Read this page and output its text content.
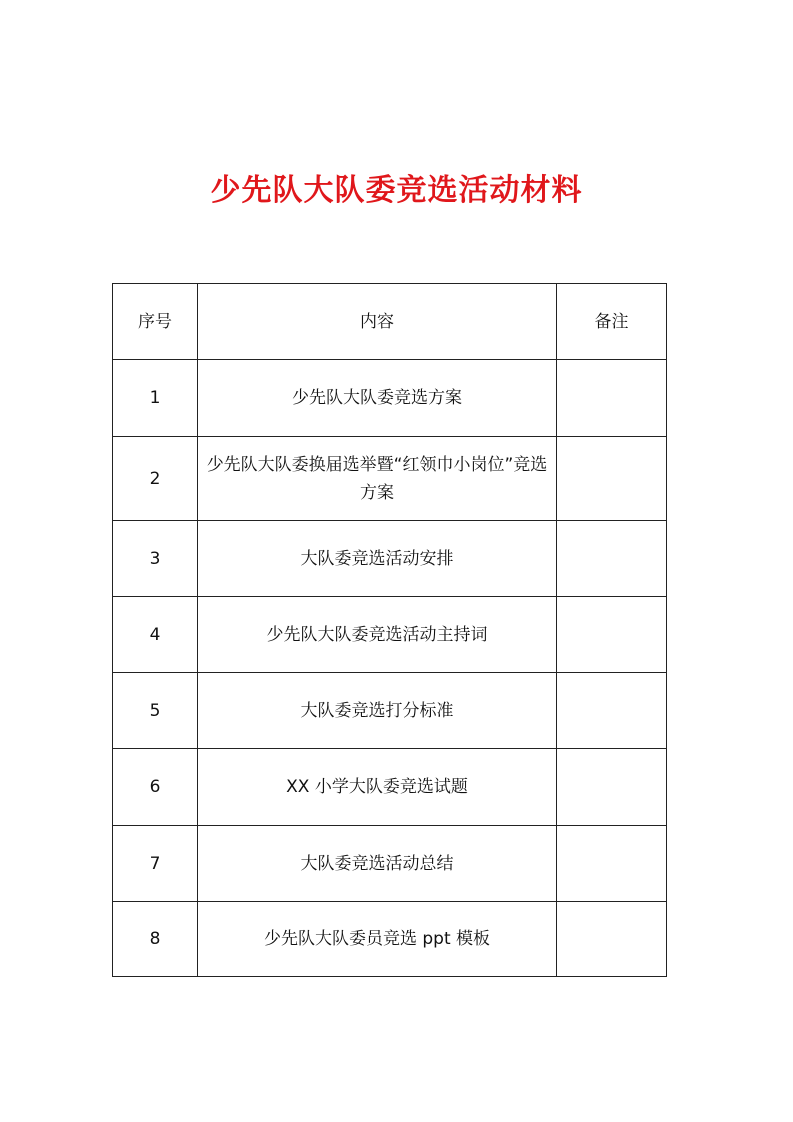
少先队大队委竞选活动材料
序号	内容	备注
1	少先队大队委竞选方案	
2	少先队大队委换届选举暨“红领巾小岗位”竞选方案	
3	大队委竞选活动安排	
4	少先队大队委竞选活动主持词	
5	大队委竞选打分标准	
6	XX 小学大队委竞选试题	
7	大队委竞选活动总结	
8	少先队大队委员竞选 ppt 模板	
